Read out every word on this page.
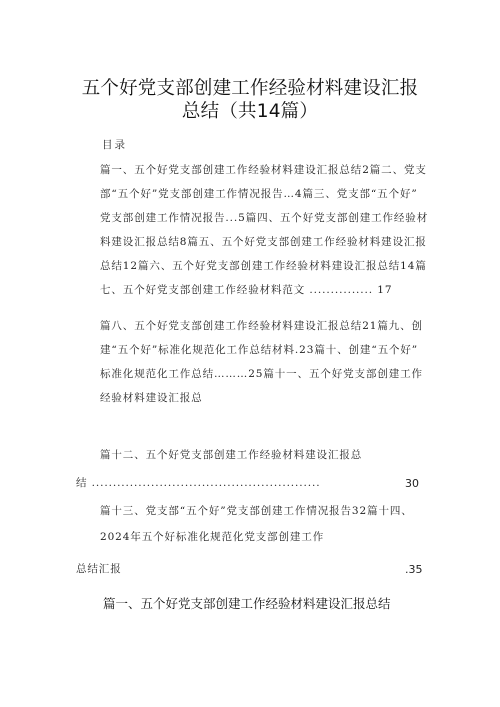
五个好党支部创建工作经验材料建设汇报
总结（共14篇）
目录
篇一、五个好党支部创建工作经验材料建设汇报总结2篇二、党支
部“五个好”党支部创建工作情况报告…4篇三、党支部“五个好”
党支部创建工作情况报告...5篇四、五个好党支部创建工作经验材
料建设汇报总结8篇五、五个好党支部创建工作经验材料建设汇报
总结12篇六、五个好党支部创建工作经验材料建设汇报总结14篇
七、五个好党支部创建工作经验材料范文 ............... 17
篇八、五个好党支部创建工作经验材料建设汇报总结21篇九、创
建“五个好”标准化规范化工作总结材料.23篇十、创建“五个好”
标准化规范化工作总结………25篇十一、五个好党支部创建工作
经验材料建设汇报总
篇十二、五个好党支部创建工作经验材料建设汇报总
结 ......................................................	30
篇十三、党支部“五个好”党支部创建工作情况报告32篇十四、
2024年五个好标准化规范化党支部创建工作
总结汇报	.35
篇一、五个好党支部创建工作经验材料建设汇报总结
